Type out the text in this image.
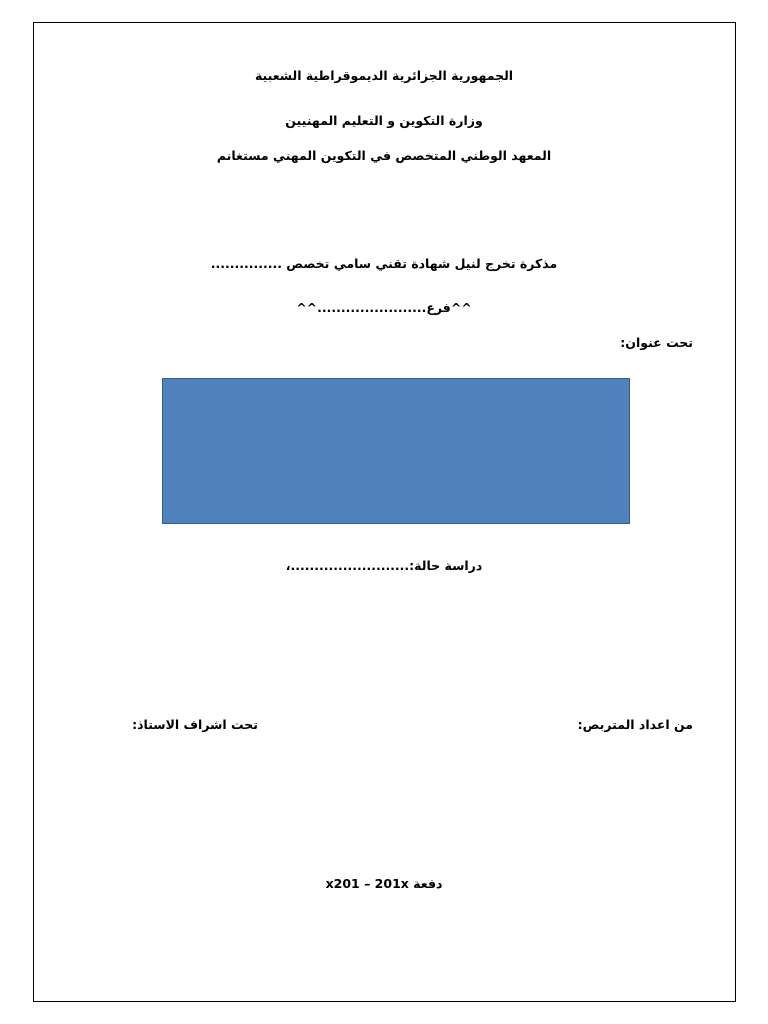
الجمهورية الجزائرية الديموقراطية الشعبية
وزارة التكوين و التعليم المهنيين
المعهد الوطني المتخصص في التكوين المهني مستغانم
مذكرة تخرج لنيل شهادة تقني سامي تخصص ...............
^^فرع.......................^^
تحت عنوان:
دراسة حالة:.........................،
من اعداد المتربص:
تحت اشراف الاستاذ:
دفعة x201 – 201x
